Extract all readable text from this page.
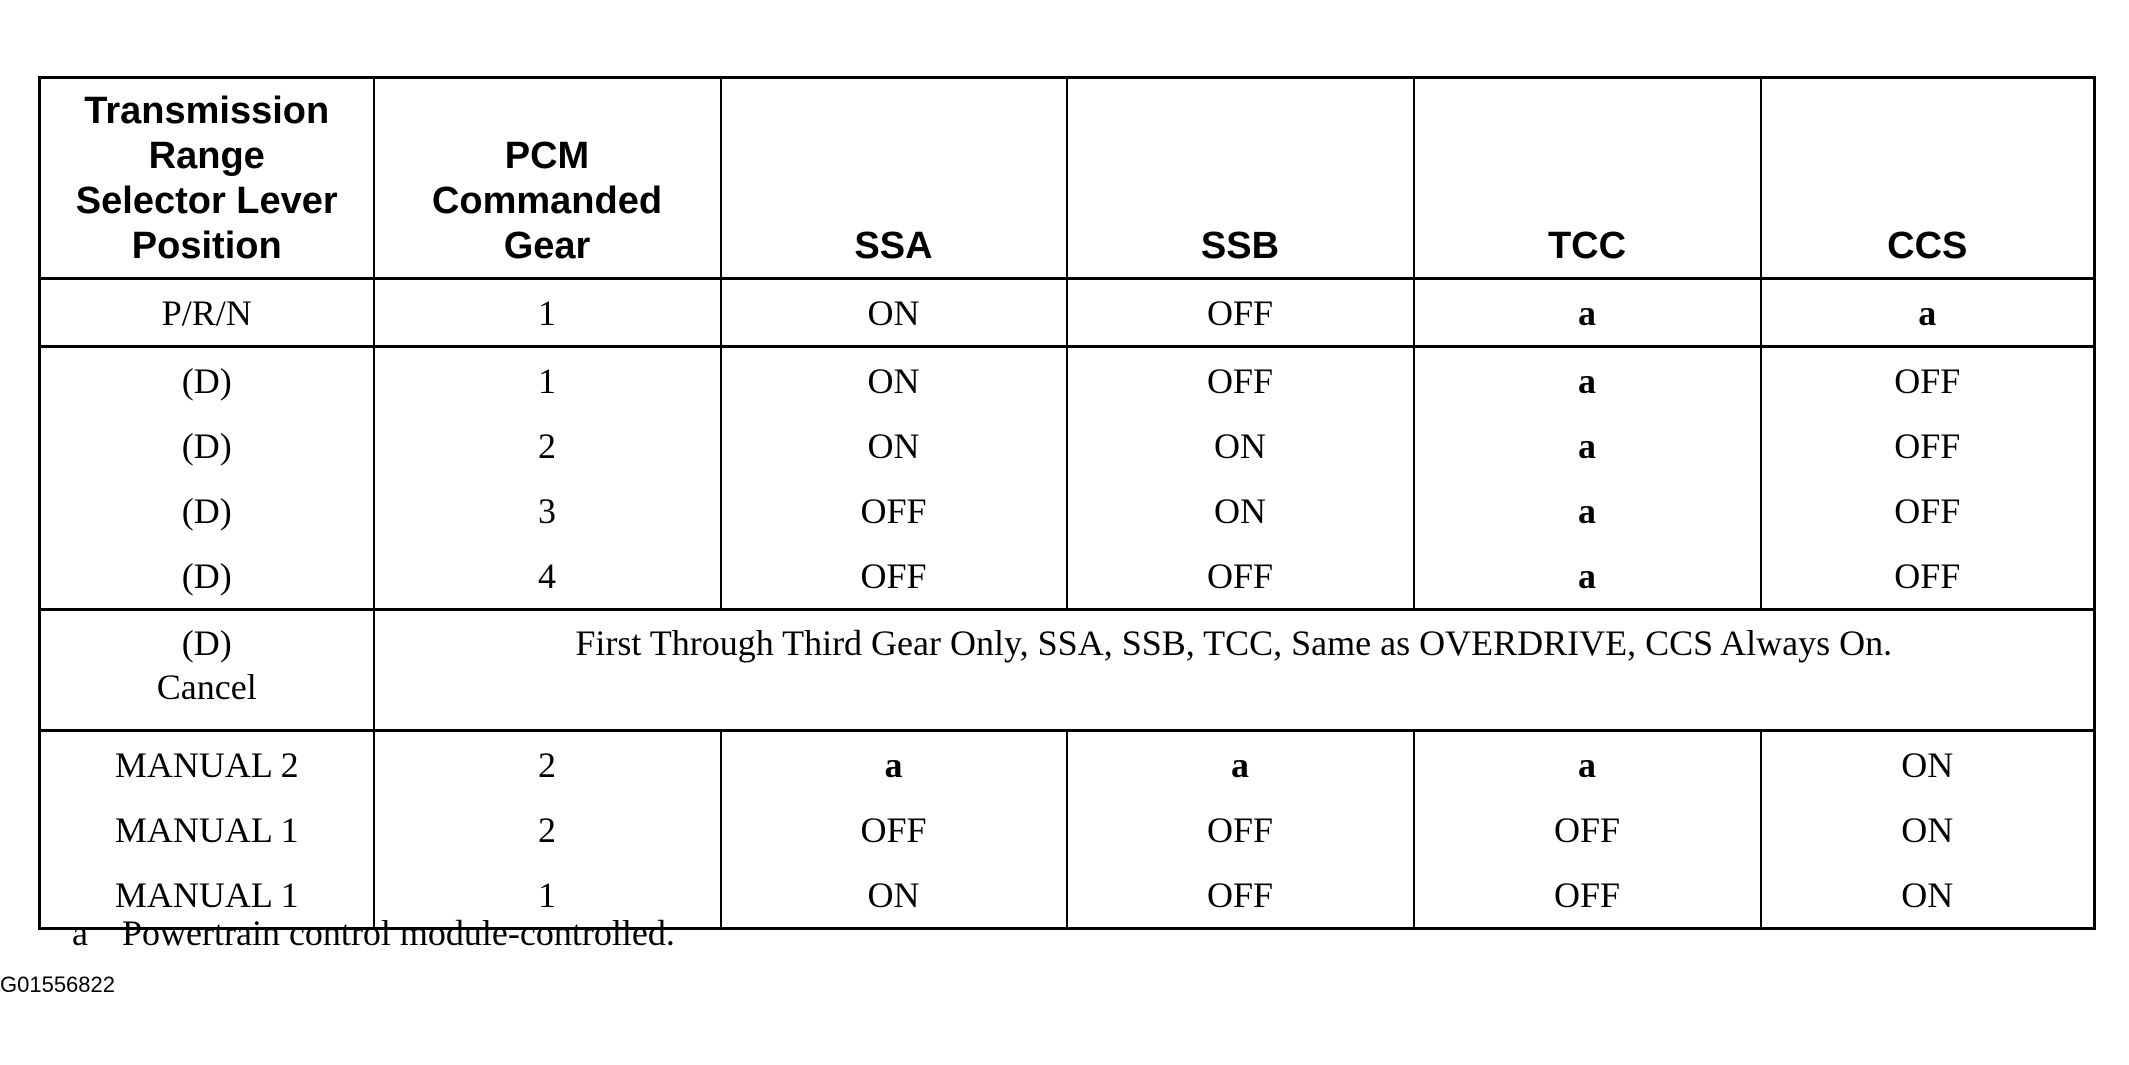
Transmission
Range
Selector Lever
Position	PCM
Commanded
Gear	SSA	SSB	TCC	CCS
P/R/N	1	ON	OFF	a	a
(D)	1	ON	OFF	a	OFF
(D)	2	ON	ON	a	OFF
(D)	3	OFF	ON	a	OFF
(D)	4	OFF	OFF	a	OFF
(D)
Cancel	First Through Third Gear Only, SSA, SSB, TCC, Same as OVERDRIVE, CCS Always On.				
MANUAL 2	2	a	a	a	ON
MANUAL 1	2	OFF	OFF	OFF	ON
MANUAL 1	1	ON	OFF	OFF	ON
a Powertrain control module-controlled.
G01556822
